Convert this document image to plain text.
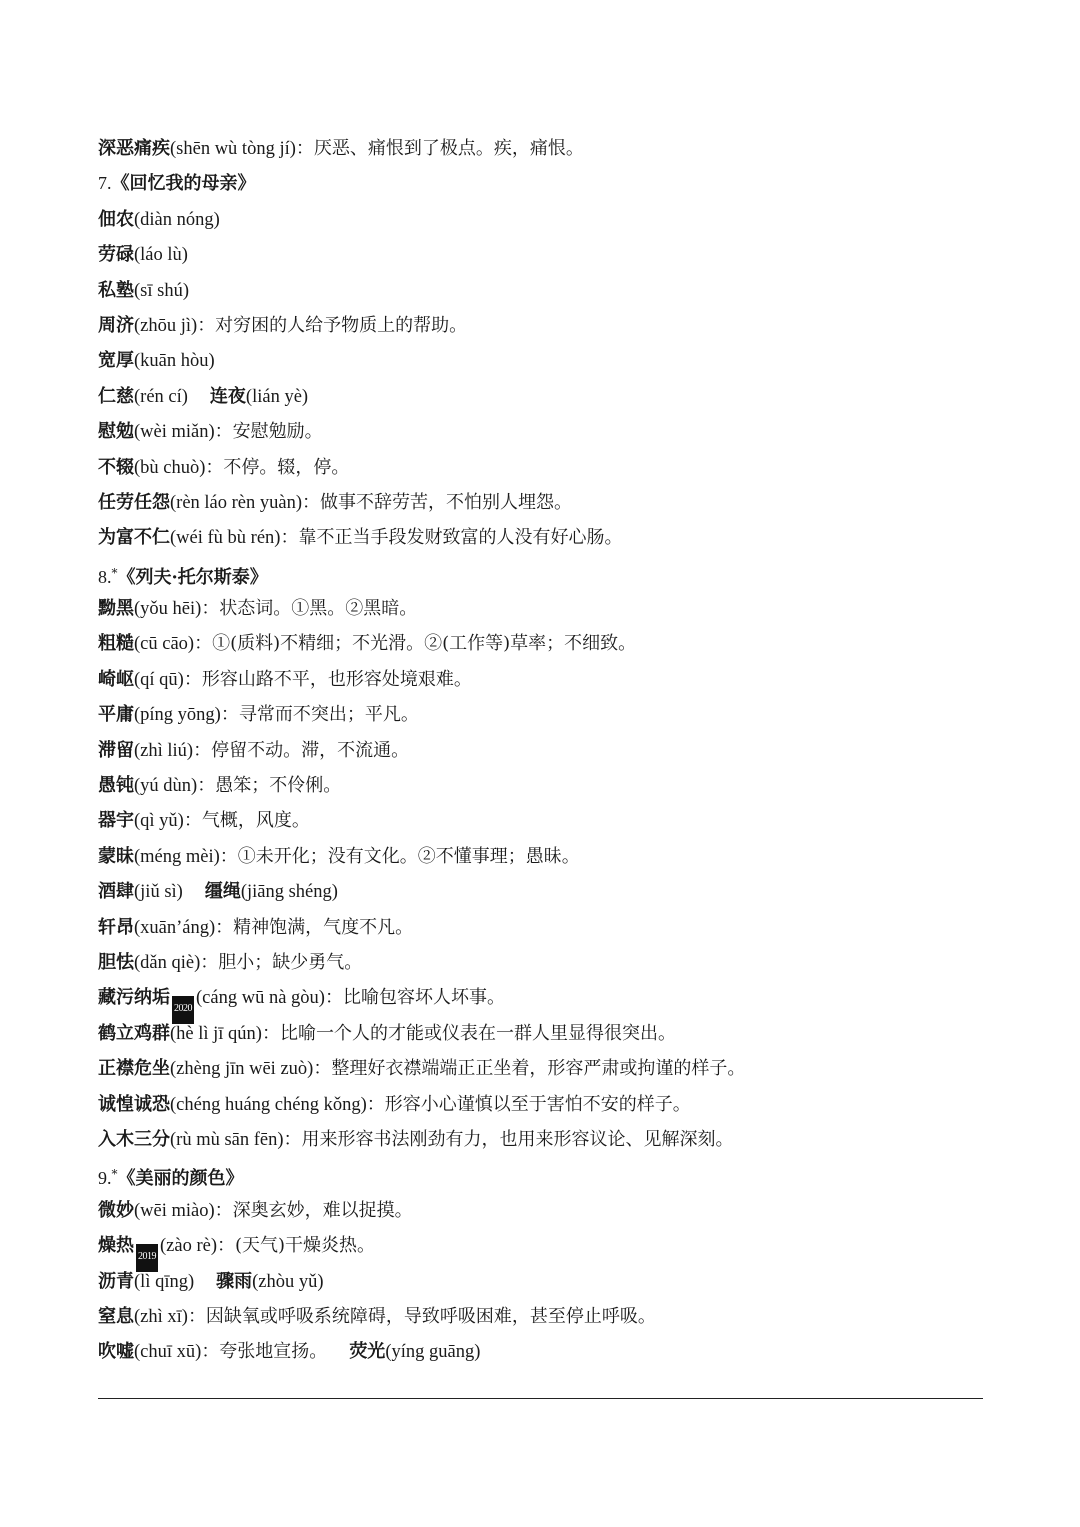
深恶痛疾(shēn wù tòng jí)：厌恶、痛恨到了极点。疾，痛恨。
7.《回忆我的母亲》
佃农(diàn nóng)
劳碌(láo lù)
私塾(sī shú)
周济(zhōu jì)：对穷困的人给予物质上的帮助。
宽厚(kuān hòu)
仁慈(rén cí) 连夜(lián yè)
慰勉(wèi miǎn)：安慰勉励。
不辍(bù chuò)：不停。辍，停。
任劳任怨(rèn láo rèn yuàn)：做事不辞劳苦，不怕别人埋怨。
为富不仁(wéi fù bù rén)：靠不正当手段发财致富的人没有好心肠。
8.*《列夫·托尔斯泰》
黝黑(yǒu hēi)：状态词。①黑。②黑暗。
粗糙(cū cāo)：①(质料)不精细；不光滑。②(工作等)草率；不细致。
崎岖(qí qū)：形容山路不平，也形容处境艰难。
平庸(píng yōng)：寻常而不突出；平凡。
滞留(zhì liú)：停留不动。滞，不流通。
愚钝(yú dùn)：愚笨；不伶俐。
器宇(qì yǔ)：气概，风度。
蒙昧(méng mèi)：①未开化；没有文化。②不懂事理；愚昧。
酒肆(jiǔ sì) 缰绳(jiāng shéng)
轩昂(xuān’áng)：精神饱满，气度不凡。
胆怯(dǎn qiè)：胆小；缺少勇气。
藏污纳垢2020(cáng wū nà gòu)：比喻包容坏人坏事。
鹤立鸡群(hè lì jī qún)：比喻一个人的才能或仪表在一群人里显得很突出。
正襟危坐(zhèng jīn wēi zuò)：整理好衣襟端端正正坐着，形容严肃或拘谨的样子。
诚惶诚恐(chéng huáng chéng kǒng)：形容小心谨慎以至于害怕不安的样子。
入木三分(rù mù sān fēn)：用来形容书法刚劲有力，也用来形容议论、见解深刻。
9.*《美丽的颜色》
微妙(wēi miào)：深奥玄妙，难以捉摸。
燥热2019(zào rè)：(天气)干燥炎热。
沥青(lì qīng) 骤雨(zhòu yǔ)
窒息(zhì xī)：因缺氧或呼吸系统障碍，导致呼吸困难，甚至停止呼吸。
吹嘘(chuī xū)：夸张地宣扬。 荧光(yíng guāng)
